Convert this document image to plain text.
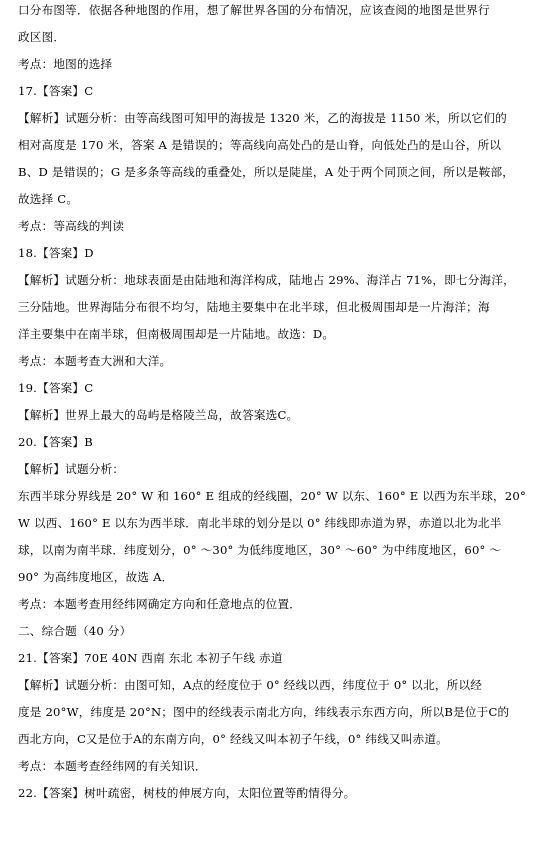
口分布图等．依据各种地图的作用，想了解世界各国的分布情况，应该查阅的地图是世界行
政区图．
考点：地图的选择
17.【答案】C
【解析】试题分析：由等高线图可知甲的海拔是 1320 米，乙的海拔是 1150 米，所以它们的
相对高度是 170 米，答案 A 是错误的；等高线向高处凸的是山脊，向低处凸的是山谷，所以
B、D 是错误的；G 是多条等高线的重叠处，所以是陡崖，A 处于两个同顶之间，所以是鞍部，
故选择 C。
考点：等高线的判读
18.【答案】D
【解析】试题分析：地球表面是由陆地和海洋构成，陆地占 29%、海洋占 71%，即七分海洋，
三分陆地。世界海陆分布很不均匀，陆地主要集中在北半球，但北极周围却是一片海洋；海
洋主要集中在南半球，但南极周围却是一片陆地。故选：D。
考点：本题考查大洲和大洋。
19.【答案】C
【解析】世界上最大的岛屿是格陵兰岛，故答案选C。
20.【答案】B
【解析】试题分析：
东西半球分界线是 20° W 和 160° E 组成的经线圈，20° W 以东、160° E 以西为东半球，20°
W 以西、160° E 以东为西半球．南北半球的划分是以 0° 纬线即赤道为界，赤道以北为北半
球，以南为南半球．纬度划分，0° ～30° 为低纬度地区，30° ～60° 为中纬度地区，60° ～
90° 为高纬度地区，故选 A．
考点：本题考查用经纬网确定方向和任意地点的位置．
二、综合题（40 分）
21.【答案】70E 40N 西南 东北 本初子午线 赤道
【解析】试题分析：由图可知，A点的经度位于 0° 经线以西，纬度位于 0° 以北，所以经
度是 20°W，纬度是 20°N；图中的经线表示南北方向，纬线表示东西方向，所以B是位于C的
西北方向，C又是位于A的东南方向，0° 经线又叫本初子午线，0° 纬线又叫赤道。
考点：本题考查经纬网的有关知识．
22.【答案】树叶疏密，树枝的伸展方向，太阳位置等酌情得分。
